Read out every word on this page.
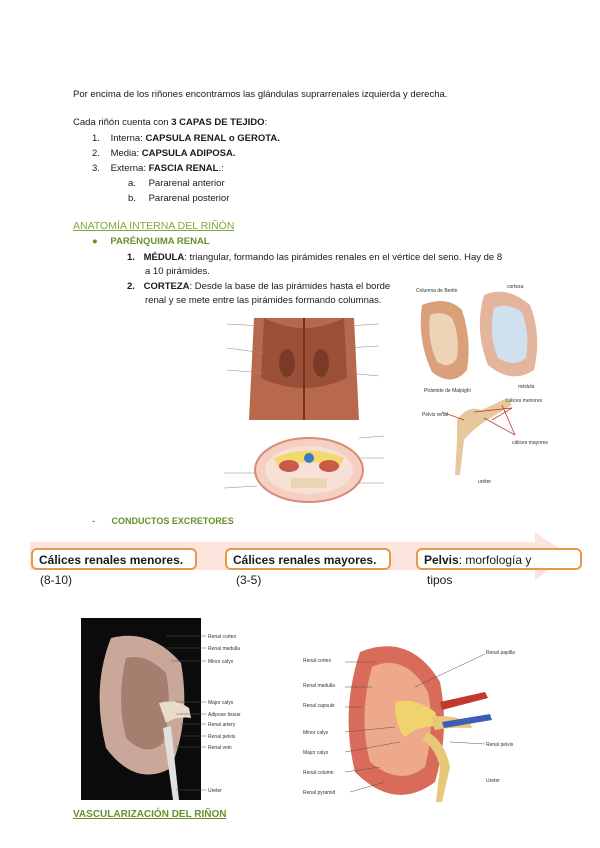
Por encima de los riñones encontramos las glándulas suprarrenales izquierda y derecha.
Cada riñón cuenta con 3 CAPAS DE TEJIDO:
1. Interna: CAPSULA RENAL o GEROTA.
2. Media: CAPSULA ADIPOSA.
3. Externa: FASCIA RENAL.:
a. Pararenal anterior
b. Pararenal posterior
ANATOMÍA INTERNA DEL RIÑÓN
● PARÉNQUIMA RENAL
1. MÉDULA: triangular, formando las pirámides renales en el vértice del seno. Hay de 8
a 10 pirámides.
2. CORTEZA: Desde la base de las pirámides hasta el borde
renal y se mete entre las pirámides formando columnas.
Columna de Bertin
corteza
Pirámide de Malpighi
médula
Pelvis renal
cálices menores
cálices mayores
uréter
- CONDUCTOS EXCRETORES
Cálices renales menores.
(8-10)
Cálices renales mayores.
(3-5)
Pelvis: morfología y
tipos
Renal cortex
Renal medulla
Minor calyx
Major calyx
Adipose tissue
Renal artery
Renal pelvis
Renal vein
Ureter
Renal cortex
Renal medulla
Renal capsule
Minor calyx
Major calyx
Renal column
Renal pyramid
Renal papilla
Renal pelvis
Ureter
VASCULARIZACIÓN DEL RIÑON
